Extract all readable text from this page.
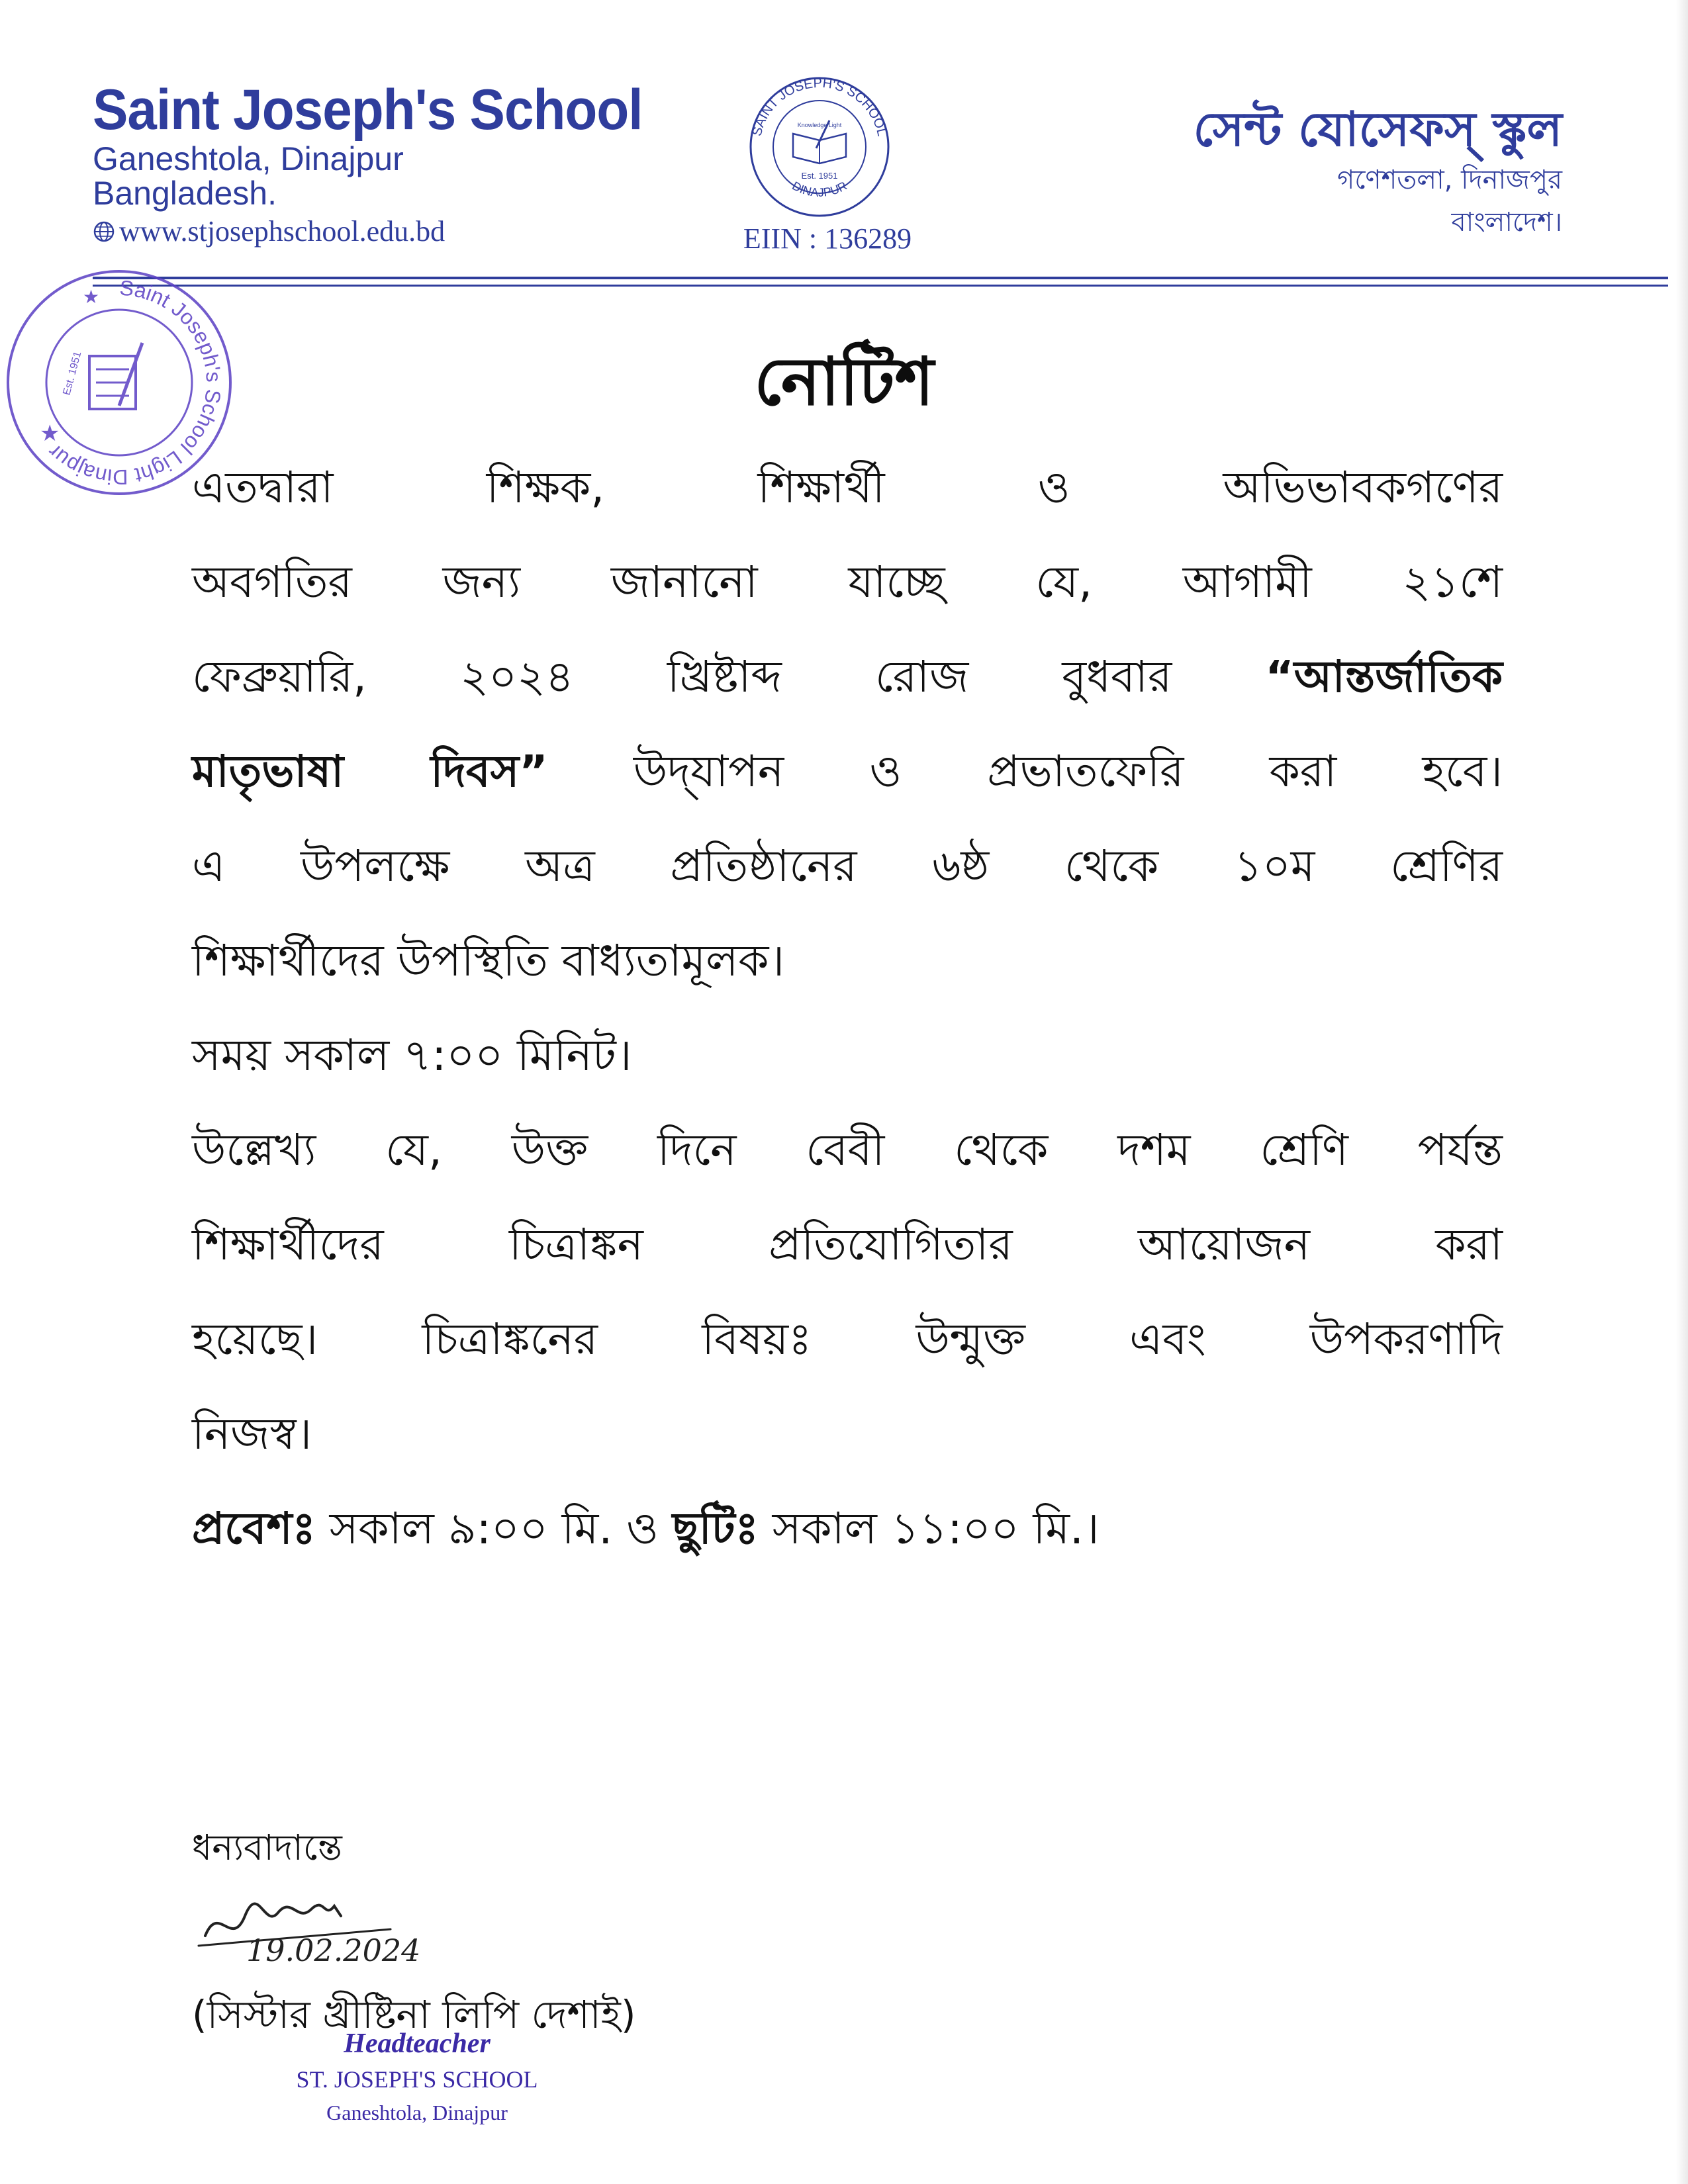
Saint Joseph's School
Ganeshtola, Dinajpur
Bangladesh.
www.stjosephschool.edu.bd
SAINT JOSEPH'S SCHOOL
DINAJPUR
Knowledge Light
Est. 1951
EIIN : 136289
সেন্ট যোসেফস্‌ স্কুল
গণেশতলা, দিনাজপুর
বাংলাদেশ।
Saint Joseph's School Light Dinajpur
Est. 1951
★
★
নোটিশ
এতদ্বারা শিক্ষক, শিক্ষার্থী ও অভিভাবকগণের
অবগতির জন্য জানানো যাচ্ছে যে, আগামী ২১শে
ফেব্রুয়ারি, ২০২৪ খ্রিষ্টাব্দ রোজ বুধবার “আন্তর্জাতিক
মাতৃভাষা দিবস” উদ্‌যাপন ও প্রভাতফেরি করা হবে।
এ উপলক্ষে অত্র প্রতিষ্ঠানের ৬ষ্ঠ থেকে ১০ম শ্রেণির
শিক্ষার্থীদের উপস্থিতি বাধ্যতামূলক।
সময় সকাল ৭:০০ মিনিট।
উল্লেখ্য যে, উক্ত দিনে বেবী থেকে দশম শ্রেণি পর্যন্ত
শিক্ষার্থীদের চিত্রাঙ্কন প্রতিযোগিতার আয়োজন করা
হয়েছে। চিত্রাঙ্কনের বিষয়ঃ উন্মুক্ত এবং উপকরণাদি
নিজস্ব।
প্রবেশঃ সকাল ৯:০০ মি. ও ছুটিঃ সকাল ১১:০০ মি.।
ধন্যবাদান্তে
19.02.2024
(সিস্টার খ্রীষ্টিনা লিপি দেশাই)
Headteacher
ST. JOSEPH'S SCHOOL
Ganeshtola, Dinajpur
